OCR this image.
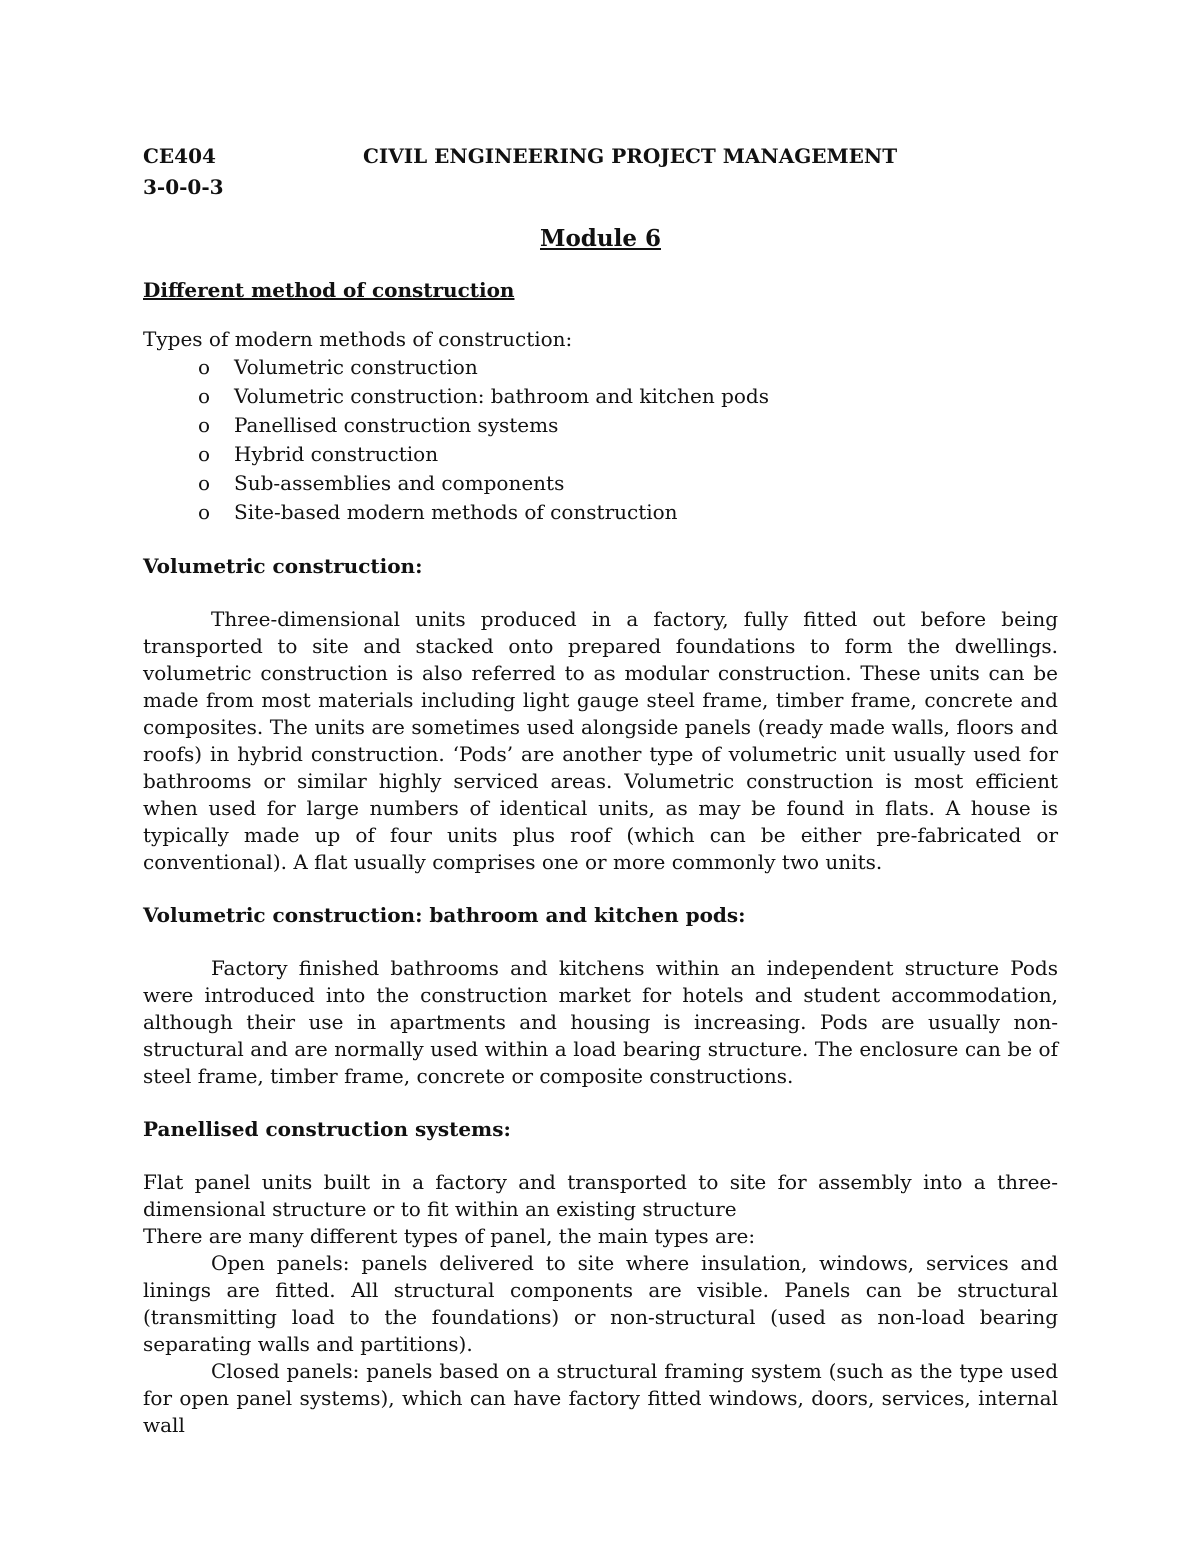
CE404	CIVIL ENGINEERING PROJECT MANAGEMENT
3-0-0-3
Module 6
Different method of construction
Types of modern methods of construction:
o Volumetric construction
o Volumetric construction: bathroom and kitchen pods
o Panellised construction systems
o Hybrid construction
o Sub-assemblies and components
o Site-based modern methods of construction
Volumetric construction:

Three-dimensional units produced in a factory, fully fitted out before being transported to site and stacked onto prepared foundations to form the dwellings. volumetric construction is also referred to as modular construction. These units can be made from most materials including light gauge steel frame, timber frame, concrete and composites. The units are sometimes used alongside panels (ready made walls, floors and roofs) in hybrid construction. ‘Pods’ are another type of volumetric unit usually used for bathrooms or similar highly serviced areas. Volumetric construction is most efficient when used for large numbers of identical units, as may be found in flats. A house is typically made up of four units plus roof (which can be either pre-fabricated or conventional). A flat usually comprises one or more commonly two units.

Volumetric construction: bathroom and kitchen pods:

Factory finished bathrooms and kitchens within an independent structure Pods were introduced into the construction market for hotels and student accommodation, although their use in apartments and housing is increasing. Pods are usually non-structural and are normally used within a load bearing structure. The enclosure can be of steel frame, timber frame, concrete or composite constructions.

Panellised construction systems:

Flat panel units built in a factory and transported to site for assembly into a three-dimensional structure or to fit within an existing structure

There are many different types of panel, the main types are:

Open panels: panels delivered to site where insulation, windows, services and linings are fitted. All structural components are visible. Panels can be structural (transmitting load to the foundations) or non-structural (used as non-load bearing separating walls and partitions).

Closed panels: panels based on a structural framing system (such as the type used for open panel systems), which can have factory fitted windows, doors, services, internal wall
